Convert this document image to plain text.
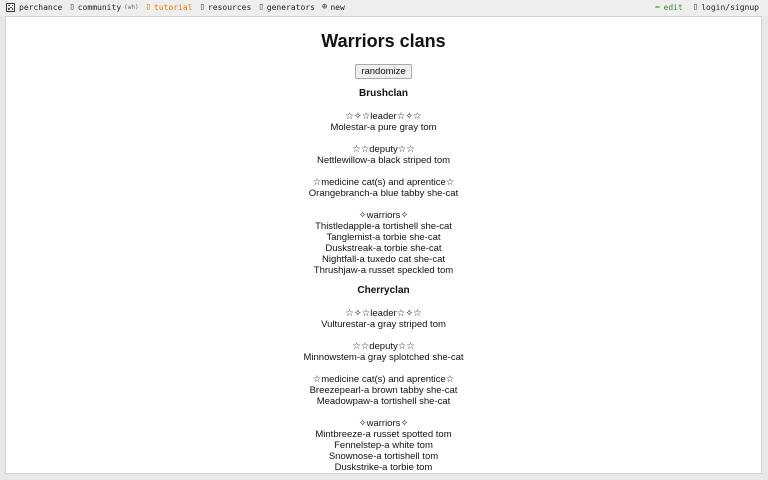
perchance ▯ community (wh) ▯ tutorial ▯ resources ▯ generators ⊕ new	✏ edit ▯ login/signup
Warriors clans
randomize
Brushclan
☆✧☆leader☆✧☆
Molestar-a pure gray tom
☆☆deputy☆☆
Nettlewillow-a black striped tom
☆medicine cat(s) and aprentice☆
Orangebranch-a blue tabby she-cat
✧warriors✧
Thistledapple-a tortishell she-cat
Tanglemist-a torbie she-cat
Duskstreak-a torbie she-cat
Nightfall-a tuxedo cat she-cat
Thrushjaw-a russet speckled tom
Cherryclan
☆✧☆leader☆✧☆
Vulturestar-a gray striped tom
☆☆deputy☆☆
Minnowstem-a gray splotched she-cat
☆medicine cat(s) and aprentice☆
Breezepearl-a brown tabby she-cat
Meadowpaw-a tortishell she-cat
✧warriors✧
Mintbreeze-a russet spotted tom
Fennelstep-a white tom
Snownose-a tortishell tom
Duskstrike-a torbie tom
